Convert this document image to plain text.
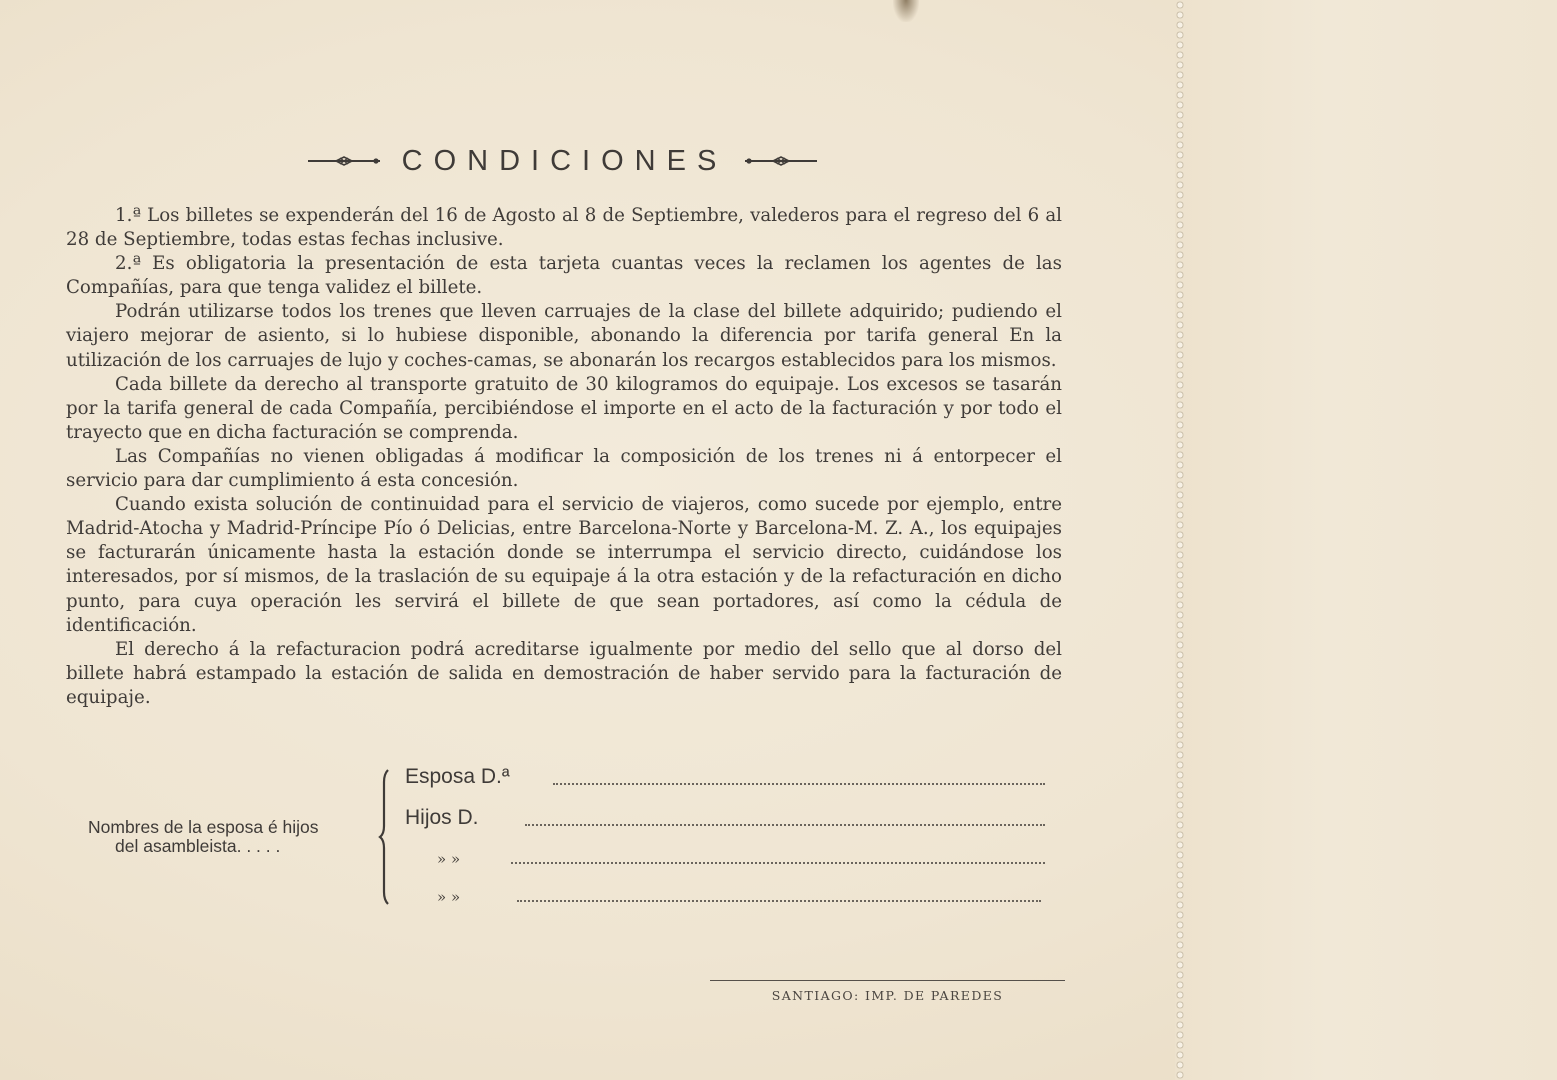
CONDICIONES

1.ª Los billetes se expenderán del 16 de Agosto al 8 de Septiembre, valederos para el regreso del 6 al 28 de Septiembre, todas estas fechas inclusive.

2.ª Es obligatoria la presentación de esta tarjeta cuantas veces la reclamen los agentes de las Compañías, para que tenga validez el billete.

Podrán utilizarse todos los trenes que lleven carruajes de la clase del billete adquirido; pudiendo el viajero mejorar de asiento, si lo hubiese disponible, abonando la diferencia por tarifa general En la utilización de los carruajes de lujo y coches-camas, se abonarán los recargos establecidos para los mismos.

Cada billete da derecho al transporte gratuito de 30 kilogramos do equipaje. Los excesos se tasarán por la tarifa general de cada Compañía, percibiéndose el importe en el acto de la facturación y por todo el trayecto que en dicha facturación se comprenda.

Las Compañías no vienen obligadas á modificar la composición de los trenes ni á entorpecer el servicio para dar cumplimiento á esta concesión.

Cuando exista solución de continuidad para el servicio de viajeros, como sucede por ejemplo, entre Madrid-Atocha y Madrid-Príncipe Pío ó Delicias, entre Barcelona-Norte y Barcelona-M. Z. A., los equipajes se facturarán únicamente hasta la estación donde se interrumpa el servicio directo, cuidándose los interesados, por sí mismos, de la traslación de su equipaje á la otra estación y de la refacturación en dicho punto, para cuya operación les servirá el billete de que sean portadores, así como la cédula de identificación.

El derecho á la refacturacion podrá acreditarse igualmente por medio del sello que al dorso del billete habrá estampado la estación de salida en demostración de haber servido para la facturación de equipaje.

Nombres de la esposa é hijos
del asambleista. . . . .
Esposa D.ª
Hijos D.
» »
» »
SANTIAGO: IMP. DE PAREDES
